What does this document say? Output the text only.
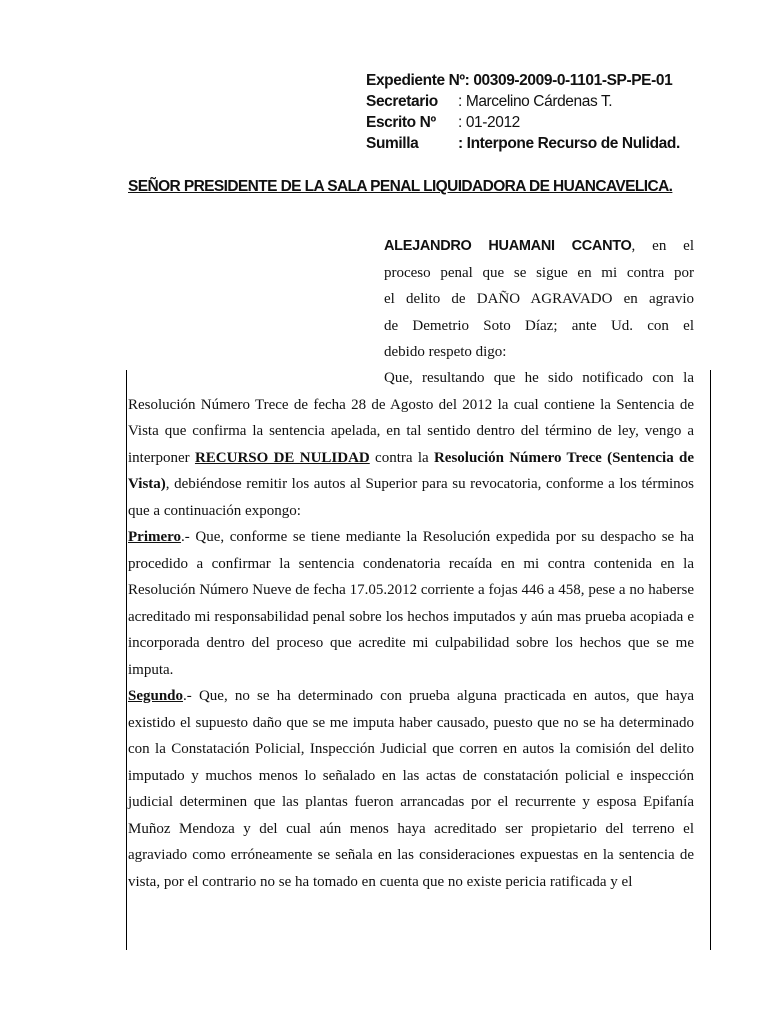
Expediente Nº: 00309-2009-0-1101-SP-PE-01
Secretario	: Marcelino Cárdenas T.
Escrito Nº	: 01-2012
Sumilla	: Interpone Recurso de Nulidad.
SEÑOR PRESIDENTE DE LA SALA PENAL LIQUIDADORA DE HUANCAVELICA.
ALEJANDRO HUAMANI CCANTO, en el
proceso penal que se sigue en mi contra por
el delito de DAÑO AGRAVADO en agravio
de Demetrio Soto Díaz; ante Ud. con el
debido respeto digo:

Que, resultando que he sido notificado con la Resolución Número Trece de fecha 28 de Agosto del 2012 la cual contiene la Sentencia de Vista que confirma la sentencia apelada, en tal sentido dentro del término de ley, vengo a interponer RECURSO DE NULIDAD contra la Resolución Número Trece (Sentencia de Vista), debiéndose remitir los autos al Superior para su revocatoria, conforme a los términos que a continuación expongo:

Primero.- Que, conforme se tiene mediante la Resolución expedida por su despacho se ha procedido a confirmar la sentencia condenatoria recaída en mi contra contenida en la Resolución Número Nueve de fecha 17.05.2012 corriente a fojas 446 a 458, pese a no haberse acreditado mi responsabilidad penal sobre los hechos imputados y aún mas prueba acopiada e incorporada dentro del proceso que acredite mi culpabilidad sobre los hechos que se me imputa.

Segundo.- Que, no se ha determinado con prueba alguna practicada en autos, que haya existido el supuesto daño que se me imputa haber causado, puesto que no se ha determinado con la Constatación Policial, Inspección Judicial que corren en autos la comisión del delito imputado y muchos menos lo señalado en las actas de constatación policial e inspección judicial determinen que las plantas fueron arrancadas por el recurrente y esposa Epifanía Muñoz Mendoza y del cual aún menos haya acreditado ser propietario del terreno el agraviado como erróneamente se señala en las consideraciones expuestas en la sentencia de vista, por el contrario no se ha tomado en cuenta que no existe pericia ratificada y el
